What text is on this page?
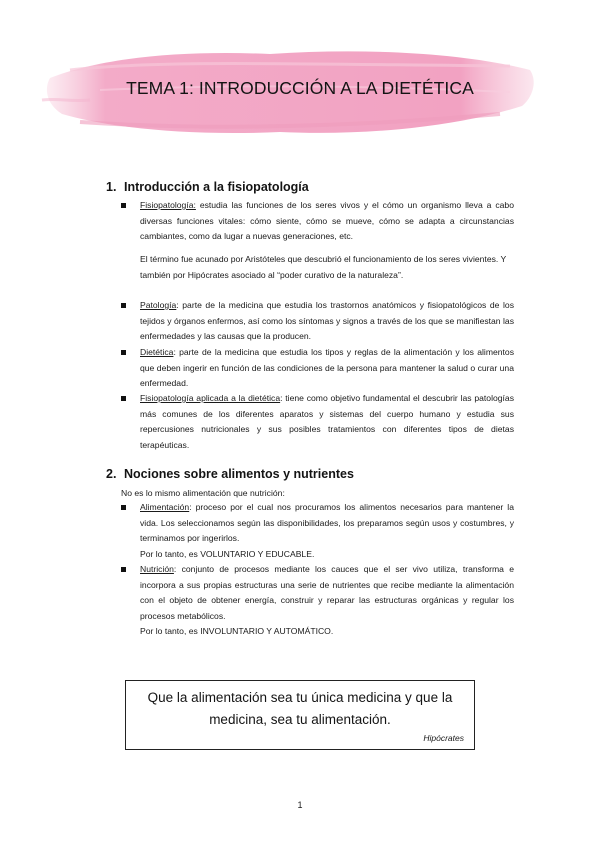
TEMA 1: INTRODUCCIÓN A LA DIETÉTICA
1. Introducción a la fisiopatología
Fisiopatología: estudia las funciones de los seres vivos y el cómo un organismo lleva a cabo diversas funciones vitales: cómo siente, cómo se mueve, cómo se adapta a circunstancias cambiantes, como da lugar a nuevas generaciones, etc.
El término fue acunado por Aristóteles que descubrió el funcionamiento de los seres vivientes. Y también por Hipócrates asociado al “poder curativo de la naturaleza”.
Patología: parte de la medicina que estudia los trastornos anatómicos y fisiopatológicos de los tejidos y órganos enfermos, así como los síntomas y signos a través de los que se manifiestan las enfermedades y las causas que la producen.
Dietética: parte de la medicina que estudia los tipos y reglas de la alimentación y los alimentos que deben ingerir en función de las condiciones de la persona para mantener la salud o curar una enfermedad.
Fisiopatología aplicada a la dietética: tiene como objetivo fundamental el descubrir las patologías más comunes de los diferentes aparatos y sistemas del cuerpo humano y estudia sus repercusiones nutricionales y sus posibles tratamientos con diferentes tipos de dietas terapéuticas.
2. Nociones sobre alimentos y nutrientes
No es lo mismo alimentación que nutrición:
Alimentación: proceso por el cual nos procuramos los alimentos necesarios para mantener la vida. Los seleccionamos según las disponibilidades, los preparamos según usos y costumbres, y terminamos por ingerirlos.
Por lo tanto, es VOLUNTARIO Y EDUCABLE.
Nutrición: conjunto de procesos mediante los cauces que el ser vivo utiliza, transforma e incorpora a sus propias estructuras una serie de nutrientes que recibe mediante la alimentación con el objeto de obtener energía, construir y reparar las estructuras orgánicas y regular los procesos metabólicos.
Por lo tanto, es INVOLUNTARIO Y AUTOMÁTICO.
Que la alimentación sea tu única medicina y que la medicina, sea tu alimentación.
Hipócrates
1
